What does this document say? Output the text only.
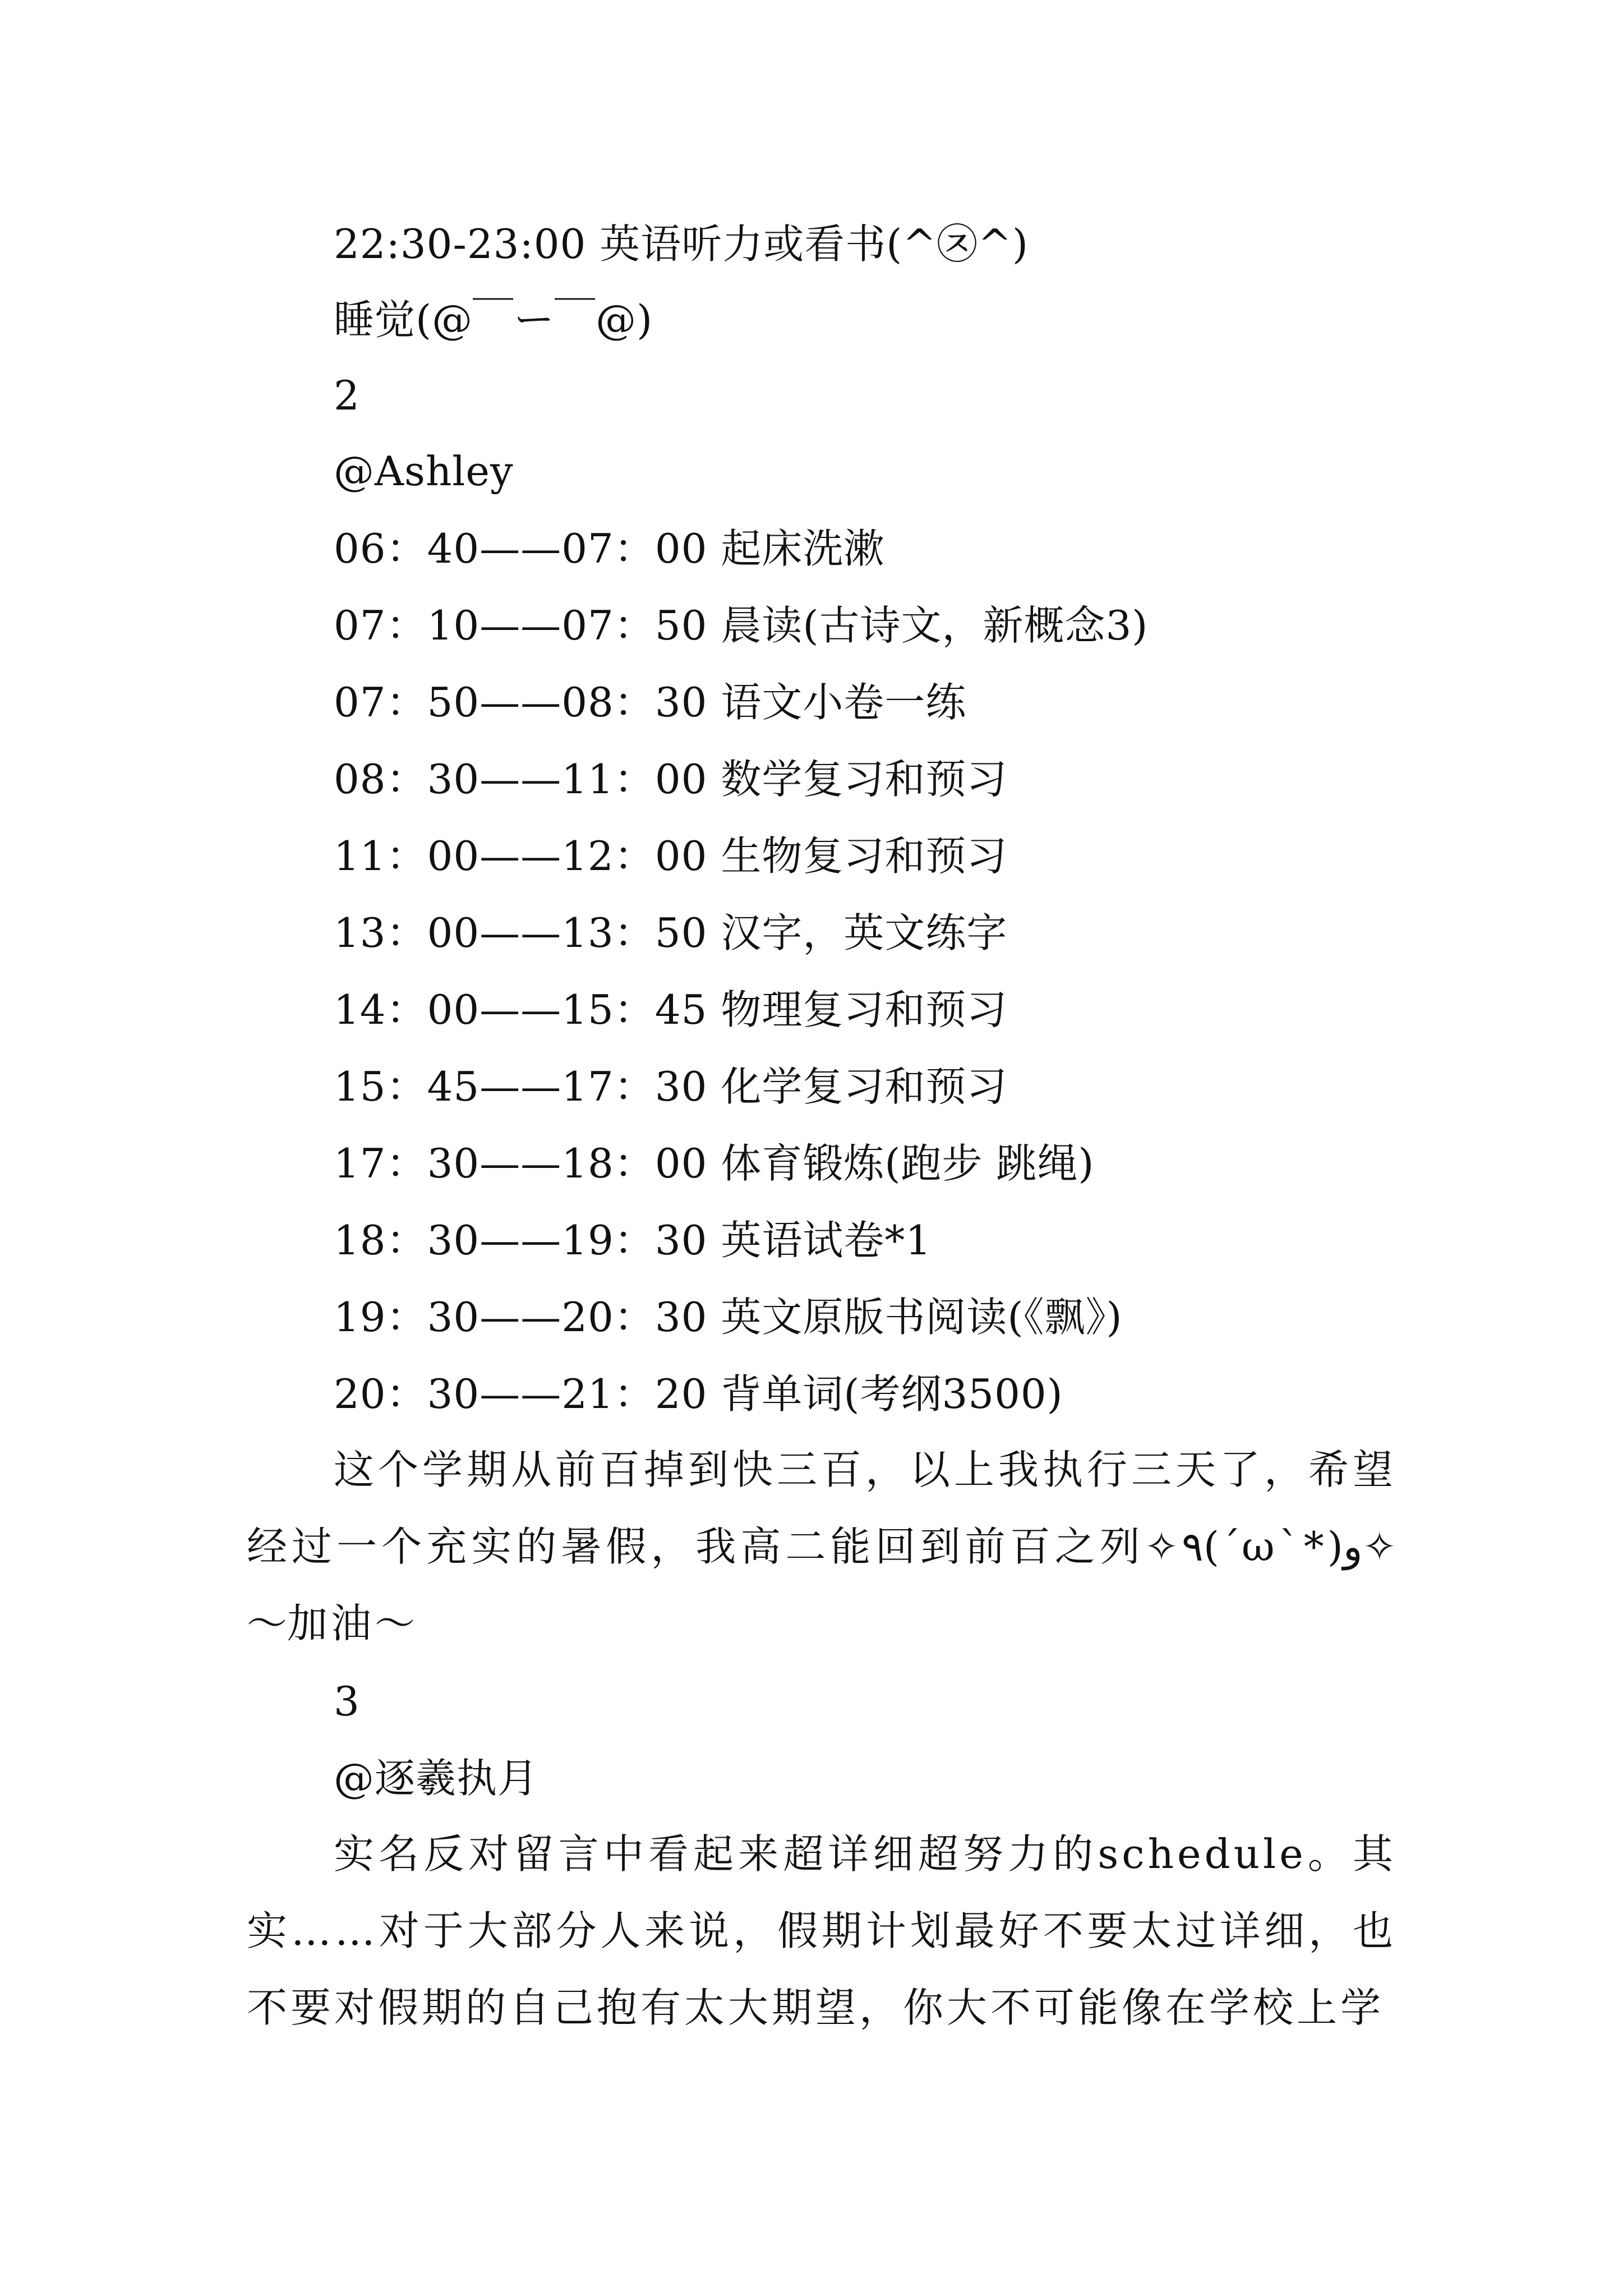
22:30-23:00 英语听力或看书(^㉨^)
睡觉(@￣ー￣@)
2
@Ashley
06：40——07：00 起床洗漱
07：10——07：50 晨读(古诗文，新概念3)
07：50——08：30 语文小卷一练
08：30——11：00 数学复习和预习
11：00——12：00 生物复习和预习
13：00——13：50 汉字，英文练字
14：00——15：45 物理复习和预习
15：45——17：30 化学复习和预习
17：30——18：00 体育锻炼(跑步 跳绳)
18：30——19：30 英语试卷*1
19：30——20：30 英文原版书阅读(《飘》)
20：30——21：20 背单词(考纲3500)
这个学期从前百掉到快三百，以上我执行三天了，希望经过一个充实的暑假，我高二能回到前百之列✧٩(ˊωˋ*)و✧～加油～
3
@逐羲执月
实名反对留言中看起来超详细超努力的schedule。其实……对于大部分人来说，假期计划最好不要太过详细，也不要对假期的自己抱有太大期望，你大不可能像在学校上学
